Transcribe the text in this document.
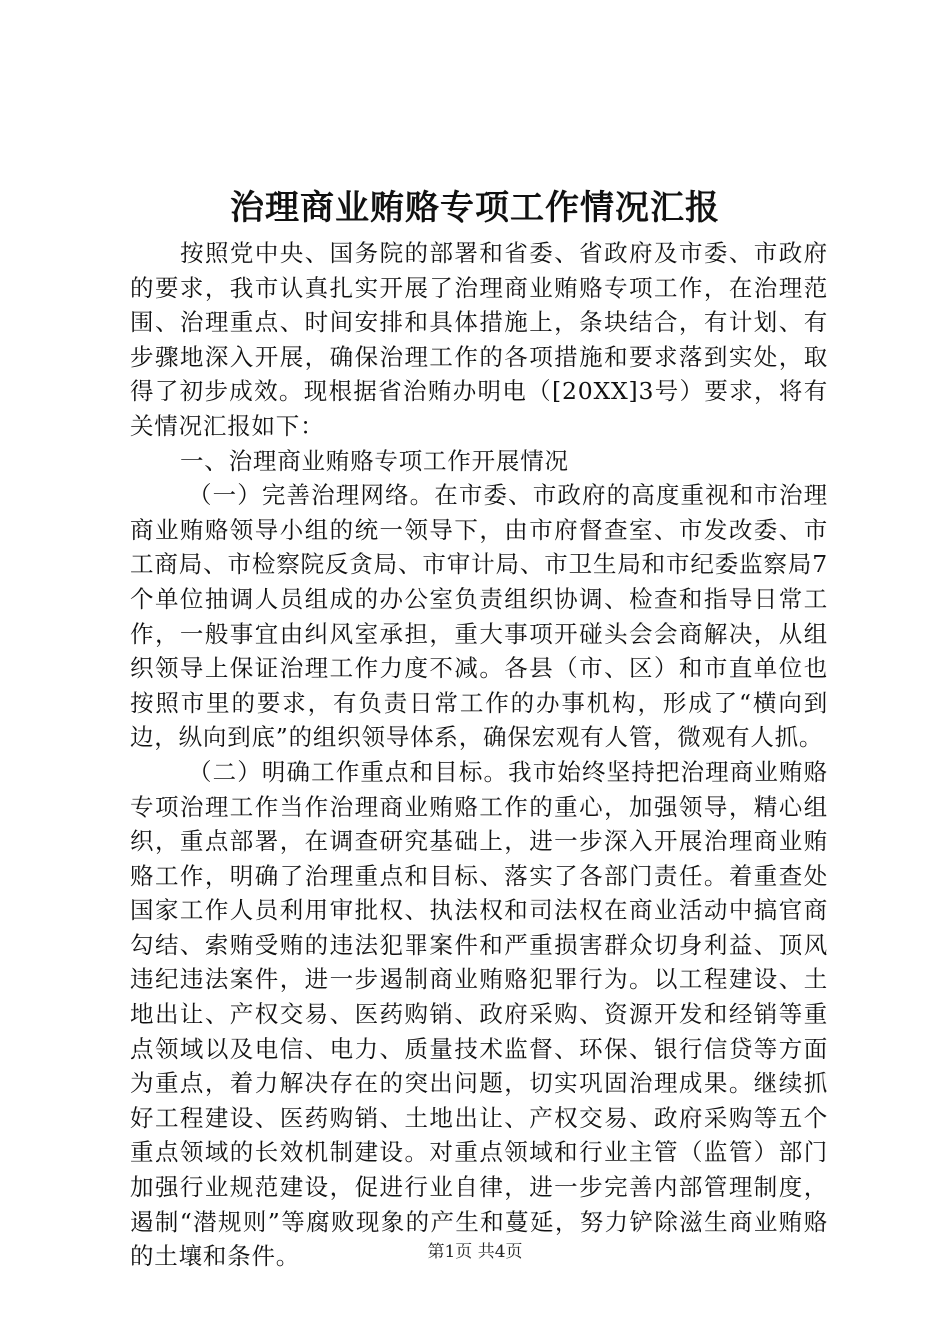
治理商业贿赂专项工作情况汇报

按照党中央、国务院的部署和省委、省政府及市委、市政府的要求，我市认真扎实开展了治理商业贿赂专项工作，在治理范围、治理重点、时间安排和具体措施上，条块结合，有计划、有步骤地深入开展，确保治理工作的各项措施和要求落到实处，取得了初步成效。现根据省治贿办明电（[20XX]3号）要求，将有关情况汇报如下：

一、治理商业贿赂专项工作开展情况

（一）完善治理网络。在市委、市政府的高度重视和市治理商业贿赂领导小组的统一领导下，由市府督查室、市发改委、市工商局、市检察院反贪局、市审计局、市卫生局和市纪委监察局7个单位抽调人员组成的办公室负责组织协调、检查和指导日常工作，一般事宜由纠风室承担，重大事项开碰头会会商解决，从组织领导上保证治理工作力度不减。各县（市、区）和市直单位也按照市里的要求，有负责日常工作的办事机构，形成了“横向到边，纵向到底”的组织领导体系，确保宏观有人管，微观有人抓。

（二）明确工作重点和目标。我市始终坚持把治理商业贿赂专项治理工作当作治理商业贿赂工作的重心，加强领导，精心组织，重点部署，在调查研究基础上，进一步深入开展治理商业贿赂工作，明确了治理重点和目标、落实了各部门责任。着重查处国家工作人员利用审批权、执法权和司法权在商业活动中搞官商勾结、索贿受贿的违法犯罪案件和严重损害群众切身利益、顶风违纪违法案件，进一步遏制商业贿赂犯罪行为。以工程建设、土地出让、产权交易、医药购销、政府采购、资源开发和经销等重点领域以及电信、电力、质量技术监督、环保、银行信贷等方面为重点，着力解决存在的突出问题，切实巩固治理成果。继续抓好工程建设、医药购销、土地出让、产权交易、政府采购等五个重点领域的长效机制建设。对重点领域和行业主管（监管）部门加强行业规范建设，促进行业自律，进一步完善内部管理制度，遏制“潜规则”等腐败现象的产生和蔓延，努力铲除滋生商业贿赂的土壤和条件。	第1页 共4页
